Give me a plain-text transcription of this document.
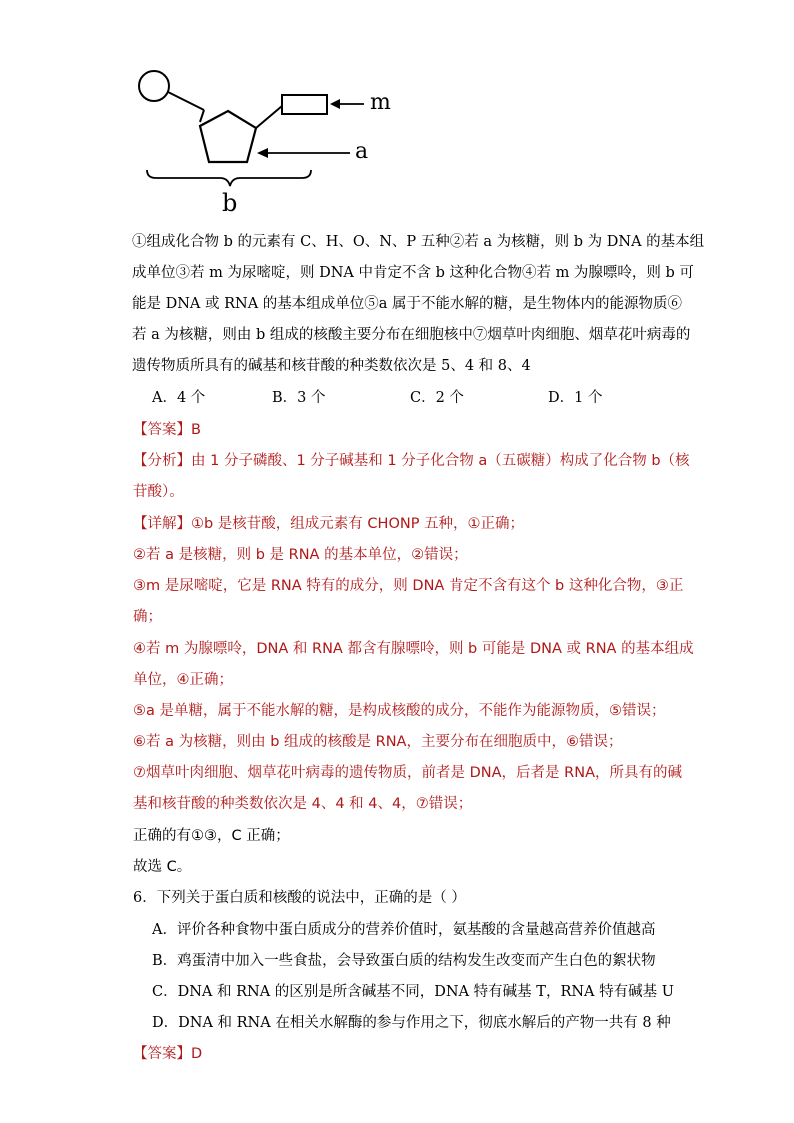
m
a
b
①组成化合物 b 的元素有 C、H、O、N、P 五种②若 a 为核糖，则 b 为 DNA 的基本组
成单位③若 m 为尿嘧啶，则 DNA 中肯定不含 b 这种化合物④若 m 为腺嘌呤，则 b 可
能是 DNA 或 RNA 的基本组成单位⑤a 属于不能水解的糖，是生物体内的能源物质⑥
若 a 为核糖，则由 b 组成的核酸主要分布在细胞核中⑦烟草叶肉细胞、烟草花叶病毒的
遗传物质所具有的碱基和核苷酸的种类数依次是 5、4 和 8、4
A．4 个	B．3 个	C．2 个	D．1 个
【答案】B
【分析】由 1 分子磷酸、1 分子碱基和 1 分子化合物 a（五碳糖）构成了化合物 b（核
苷酸）。
【详解】①b 是核苷酸，组成元素有 CHONP 五种，①正确；
②若 a 是核糖，则 b 是 RNA 的基本单位，②错误；
③m 是尿嘧啶，它是 RNA 特有的成分，则 DNA 肯定不含有这个 b 这种化合物，③正
确；
④若 m 为腺嘌呤，DNA 和 RNA 都含有腺嘌呤，则 b 可能是 DNA 或 RNA 的基本组成
单位，④正确；
⑤a 是单糖，属于不能水解的糖，是构成核酸的成分，不能作为能源物质，⑤错误；
⑥若 a 为核糖，则由 b 组成的核酸是 RNA，主要分布在细胞质中，⑥错误；
⑦烟草叶肉细胞、烟草花叶病毒的遗传物质，前者是 DNA，后者是 RNA，所具有的碱
基和核苷酸的种类数依次是 4、4 和 4、4，⑦错误；
正确的有①③，C 正确；
故选 C。
6．下列关于蛋白质和核酸的说法中，正确的是（ ）
A．评价各种食物中蛋白质成分的营养价值时，氨基酸的含量越高营养价值越高
B．鸡蛋清中加入一些食盐，会导致蛋白质的结构发生改变而产生白色的絮状物
C．DNA 和 RNA 的区别是所含碱基不同，DNA 特有碱基 T，RNA 特有碱基 U
D．DNA 和 RNA 在相关水解酶的参与作用之下，彻底水解后的产物一共有 8 种
【答案】D
